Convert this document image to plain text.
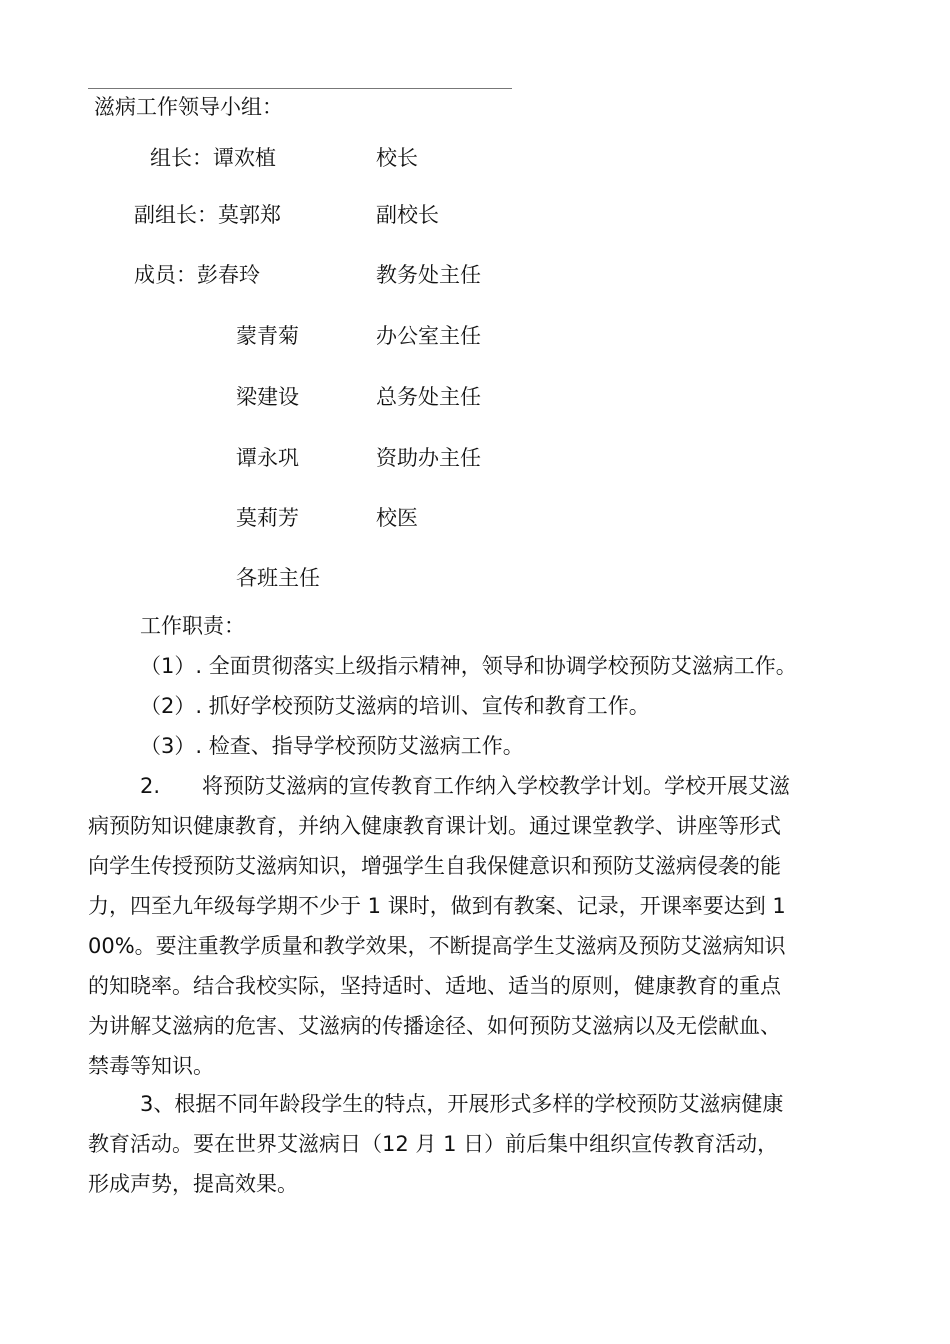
滋病工作领导小组：
组长：谭欢植	校长
副组长：莫郭郑	副校长
成员：彭春玲	教务处主任
蒙青菊	办公室主任
梁建设	总务处主任
谭永巩	资助办主任
莫莉芳	校医
各班主任
工作职责：
（1）. 全面贯彻落实上级指示精神，领导和协调学校预防艾滋病工作。
（2）. 抓好学校预防艾滋病的培训、宣传和教育工作。
（3）. 检查、指导学校预防艾滋病工作。
2.　　将预防艾滋病的宣传教育工作纳入学校教学计划。学校开展艾滋
病预防知识健康教育，并纳入健康教育课计划。通过课堂教学、讲座等形式
向学生传授预防艾滋病知识，增强学生自我保健意识和预防艾滋病侵袭的能
力，四至九年级每学期不少于 1 课时，做到有教案、记录，开课率要达到 1
00%。要注重教学质量和教学效果，不断提高学生艾滋病及预防艾滋病知识
的知晓率。结合我校实际，坚持适时、适地、适当的原则，健康教育的重点
为讲解艾滋病的危害、艾滋病的传播途径、如何预防艾滋病以及无偿献血、
禁毒等知识。
3、根据不同年龄段学生的特点，开展形式多样的学校预防艾滋病健康
教育活动。要在世界艾滋病日（12 月 1 日）前后集中组织宣传教育活动，
形成声势，提高效果。
